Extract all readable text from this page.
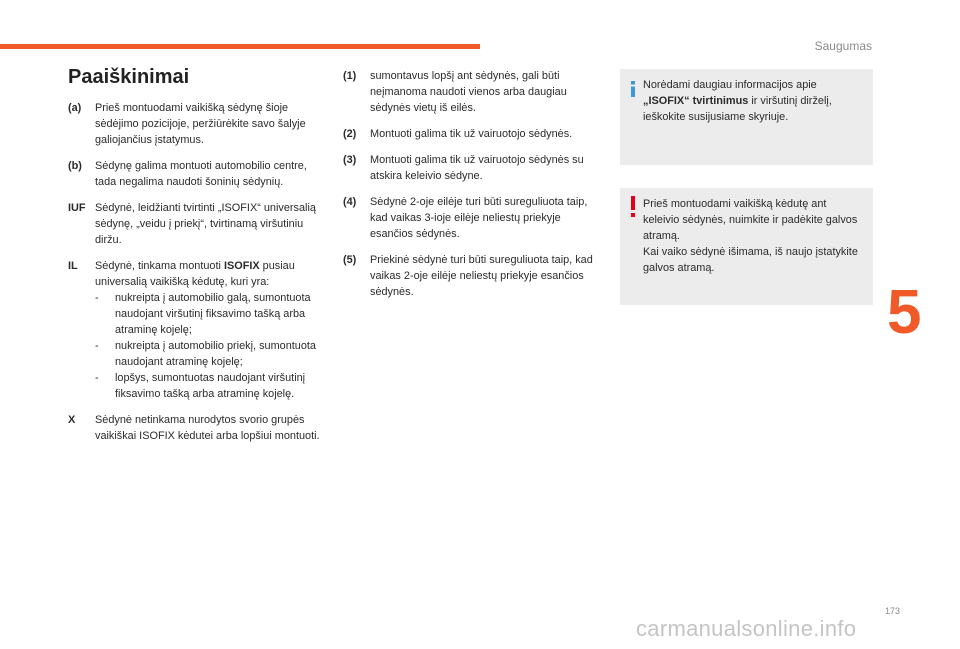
Saugumas
Paaiškinimai
(a)	Prieš montuodami vaikišką sėdynę šioje sėdėjimo pozicijoje, peržiūrėkite savo šalyje galiojančius įstatymus.
(b)	Sėdynę galima montuoti automobilio centre, tada negalima naudoti šoninių sėdynių.
IUF Sėdynė, leidžianti tvirtinti „ISOFIX“ universalią sėdynę, „veidu į priekį“, tvirtinamą viršutiniu diržu.
IL	Sėdynė, tinkama montuoti ISOFIX pusiau universalią vaikišką kėdutę, kuri yra:
-	nukreipta į automobilio galą, sumontuota naudojant viršutinį fiksavimo tašką arba atraminę kojelę;
-	nukreipta į automobilio priekį, sumontuota naudojant atraminę kojelę;
-	lopšys, sumontuotas naudojant viršutinį fiksavimo tašką arba atraminę kojelę.
X	Sėdynė netinkama nurodytos svorio grupės vaikiškai ISOFIX kėdutei arba lopšiui montuoti.
(1)	sumontavus lopšį ant sėdynės, gali būti neįmanoma naudoti vienos arba daugiau sėdynės vietų iš eilės.
(2)	Montuoti galima tik už vairuotojo sėdynės.
(3)	Montuoti galima tik už vairuotojo sėdynės su atskira keleivio sėdyne.
(4)	Sėdynė 2-oje eilėje turi būti sureguliuota taip, kad vaikas 3-ioje eilėje neliestų priekyje esančios sėdynės.
(5)	Priekinė sėdynė turi būti sureguliuota taip, kad vaikas 2-oje eilėje neliestų priekyje esančios sėdynės.
Norėdami daugiau informacijos apie „ISOFIX“ tvirtinimus ir viršutinį dirželį, ieškokite susijusiame skyriuje.
Prieš montuodami vaikišką kėdutę ant keleivio sėdynės, nuimkite ir padėkite galvos atramą.
Kai vaiko sėdynė išimama, iš naujo įstatykite galvos atramą.
5
173
carmanualsonline.info
